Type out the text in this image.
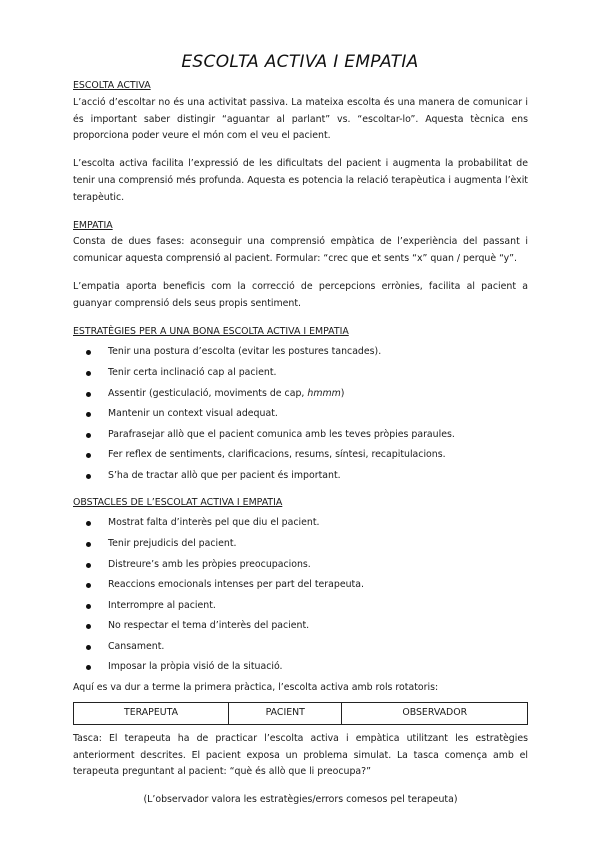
ESCOLTA ACTIVA I EMPATIA
ESCOLTA ACTIVA

L’acció d’escoltar no és una activitat passiva. La mateixa escolta és una manera de comunicar i és important saber distingir “aguantar al parlant” vs. “escoltar-lo”. Aquesta tècnica ens proporciona poder veure el món com el veu el pacient.

L’escolta activa facilita l’expressió de les dificultats del pacient i augmenta la probabilitat de tenir una comprensió més profunda. Aquesta es potencia la relació terapèutica i augmenta l’èxit terapèutic.

EMPATIA

Consta de dues fases: aconseguir una comprensió empàtica de l’experiència del passant i comunicar aquesta comprensió al pacient. Formular: “crec que et sents “x” quan / perquè “y”.

L’empatia aporta beneficis com la correcció de percepcions errònies, facilita al pacient a guanyar comprensió dels seus propis sentiment.

ESTRATÈGIES PER A UNA BONA ESCOLTA ACTIVA I EMPATIA
Tenir una postura d’escolta (evitar les postures tancades).
Tenir certa inclinació cap al pacient.
Assentir (gesticulació, moviments de cap, hmmm)
Mantenir un context visual adequat.
Parafrasejar allò que el pacient comunica amb les teves pròpies paraules.
Fer reflex de sentiments, clarificacions, resums, síntesi, recapitulacions.
S’ha de tractar allò que per pacient és important.
OBSTACLES DE L’ESCOLAT ACTIVA I EMPATIA
Mostrat falta d’interès pel que diu el pacient.
Tenir prejudicis del pacient.
Distreure’s amb les pròpies preocupacions.
Reaccions emocionals intenses per part del terapeuta.
Interrompre al pacient.
No respectar el tema d’interès del pacient.
Cansament.
Imposar la pròpia visió de la situació.

Aquí es va dur a terme la primera pràctica, l’escolta activa amb rols rotatoris:

TERAPEUTA	PACIENT	OBSERVADOR

Tasca: El terapeuta ha de practicar l’escolta activa i empàtica utilitzant les estratègies anteriorment descrites. El pacient exposa un problema simulat. La tasca comença amb el terapeuta preguntant al pacient: “què és allò que li preocupa?”

(L’observador valora les estratègies/errors comesos pel terapeuta)
